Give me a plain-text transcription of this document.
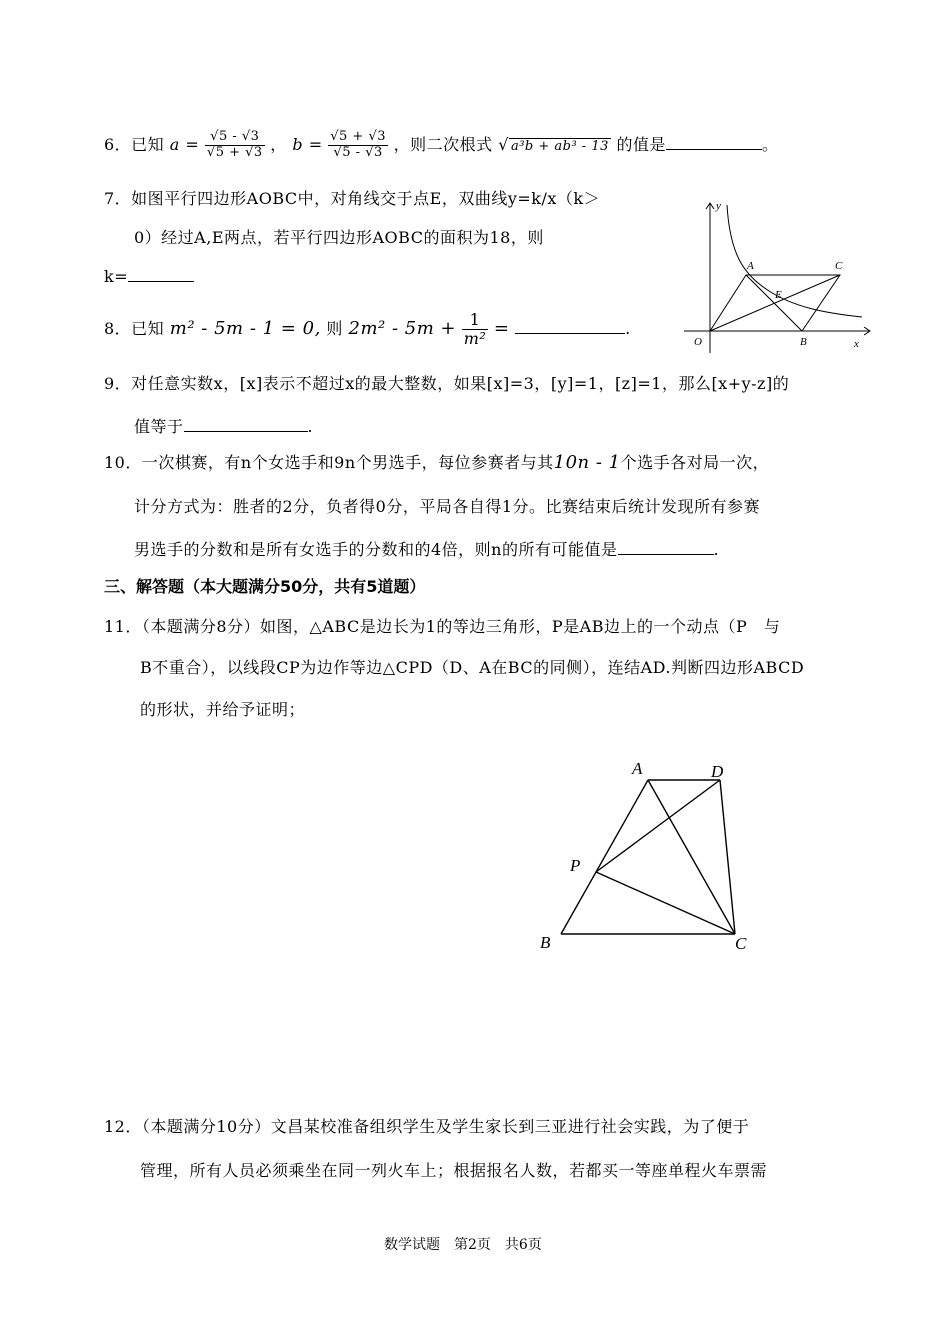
6．已知 $a = \frac{√5 - √3}{√5 + √3}$ ， $b = \frac{√5 + √3}{√5 - √3}$ ，则二次根式 √ a³b + ab³ - 13 的值是	。
7．如图平行四边形AOBC中，对角线交于点E，双曲线y=k/x（k＞
0）经过A,E两点，若平行四边形AOBC的面积为18，则
k=
y
x
O
A	C
E
B
8．已知 m² - 5m - 1 = 0, 则 $2m^2 - 5m + \frac{1}{\text{m²}}$ =	.
9．对任意实数x，[x]表示不超过x的最大整数，如果[x]=3，[y]=1，[z]=1，那么[x+y-z]的
值等于	.
10．一次棋赛，有n个女选手和9n个男选手，每位参赛者与其10n - 1个选手各对局一次，
计分方式为：胜者的2分，负者得0分，平局各自得1分。比赛结束后统计发现所有参赛
男选手的分数和是所有女选手的分数和的4倍，则n的所有可能值是	.
三、解答题（本大题满分50分，共有5道题）
11．（本题满分8分）如图，△ABC是边长为1的等边三角形，P是AB边上的一个动点（P　与
B不重合），以线段CP为边作等边△CPD（D、A在BC的同侧），连结AD.判断四边形ABCD
的形状，并给予证明；
A	D
P
B	C
12．（本题满分10分）文昌某校准备组织学生及学生家长到三亚进行社会实践，为了便于
管理，所有人员必须乘坐在同一列火车上；根据报名人数，若都买一等座单程火车票需
数学试题　第2页　共6页
